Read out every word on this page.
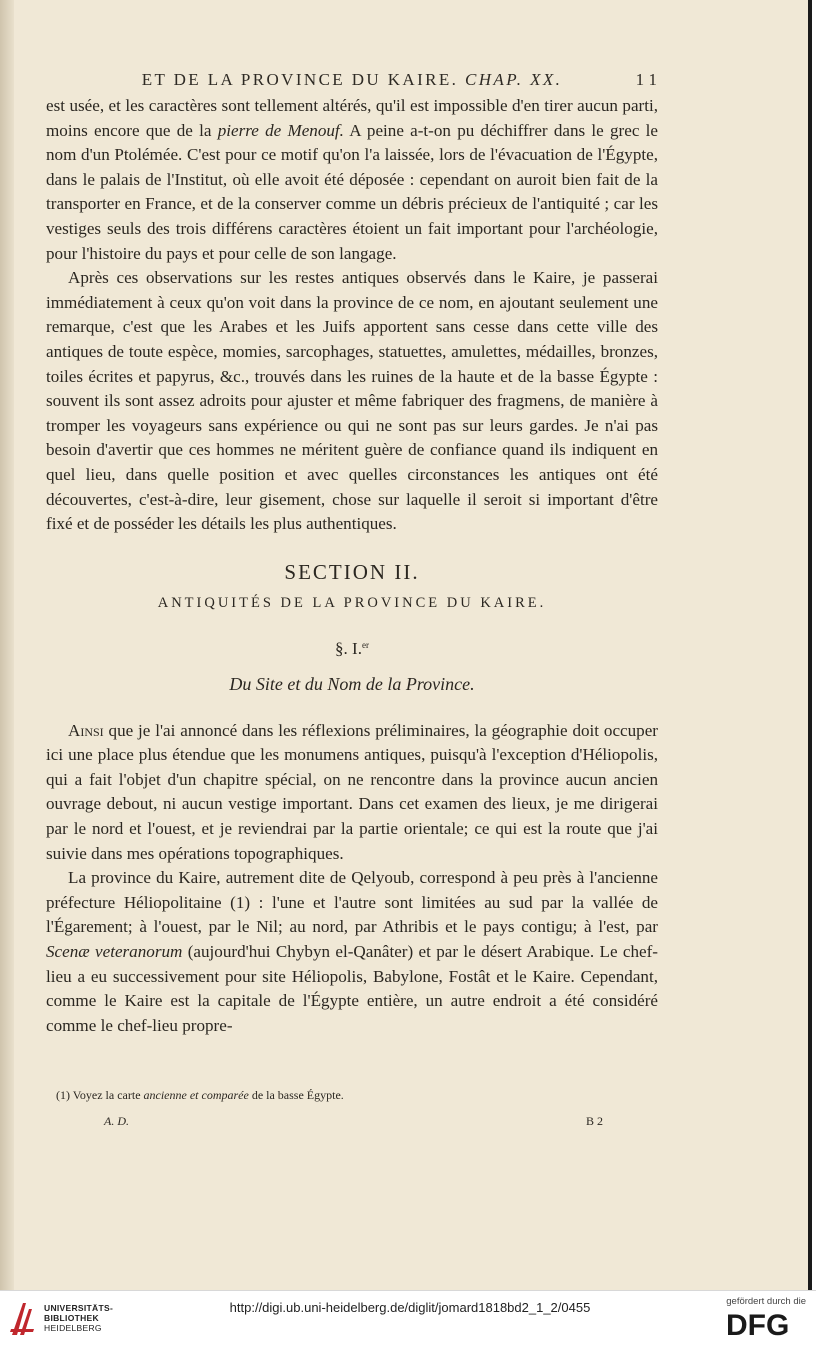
ET DE LA PROVINCE DU KAIRE. CHAP. XX.	11

est usée, et les caractères sont tellement altérés, qu'il est impossible d'en tirer aucun parti, moins encore que de la pierre de Menouf. A peine a-t-on pu déchiffrer dans le grec le nom d'un Ptolémée. C'est pour ce motif qu'on l'a laissée, lors de l'évacuation de l'Égypte, dans le palais de l'Institut, où elle avoit été déposée : cependant on auroit bien fait de la transporter en France, et de la conserver comme un débris précieux de l'antiquité ; car les vestiges seuls des trois différens caractères étoient un fait important pour l'archéologie, pour l'histoire du pays et pour celle de son langage.

Après ces observations sur les restes antiques observés dans le Kaire, je passerai immédiatement à ceux qu'on voit dans la province de ce nom, en ajoutant seulement une remarque, c'est que les Arabes et les Juifs apportent sans cesse dans cette ville des antiques de toute espèce, momies, sarcophages, statuettes, amulettes, médailles, bronzes, toiles écrites et papyrus, &c., trouvés dans les ruines de la haute et de la basse Égypte : souvent ils sont assez adroits pour ajuster et même fabriquer des fragmens, de manière à tromper les voyageurs sans expérience ou qui ne sont pas sur leurs gardes. Je n'ai pas besoin d'avertir que ces hommes ne méritent guère de confiance quand ils indiquent en quel lieu, dans quelle position et avec quelles circonstances les antiques ont été découvertes, c'est-à-dire, leur gisement, chose sur laquelle il seroit si important d'être fixé et de posséder les détails les plus authentiques.

SECTION II.
ANTIQUITÉS DE LA PROVINCE DU KAIRE.
§. I.$^{er}$
Du Site et du Nom de la Province.

Ainsi que je l'ai annoncé dans les réflexions préliminaires, la géographie doit occuper ici une place plus étendue que les monumens antiques, puisqu'à l'exception d'Héliopolis, qui a fait l'objet d'un chapitre spécial, on ne rencontre dans la province aucun ancien ouvrage debout, ni aucun vestige important. Dans cet examen des lieux, je me dirigerai par le nord et l'ouest, et je reviendrai par la partie orientale; ce qui est la route que j'ai suivie dans mes opérations topographiques.

La province du Kaire, autrement dite de Qelyoub, correspond à peu près à l'ancienne préfecture Héliopolitaine (1) : l'une et l'autre sont limitées au sud par la vallée de l'Égarement; à l'ouest, par le Nil; au nord, par Athribis et le pays contigu; à l'est, par Scenæ veteranorum (aujourd'hui Chybyn el-Qanâter) et par le désert Arabique. Le chef-lieu a eu successivement pour site Héliopolis, Babylone, Fostât et le Kaire. Cependant, comme le Kaire est la capitale de l'Égypte entière, un autre endroit a été considéré comme le chef-lieu propre-

(1) Voyez la carte ancienne et comparée de la basse Égypte.
A. D.	B 2
UNIVERSITÄTS-
BIBLIOTHEK
HEIDELBERG
http://digi.ub.uni-heidelberg.de/diglit/jomard1818bd2_1_2/0455	gefördert durch die
DFG
